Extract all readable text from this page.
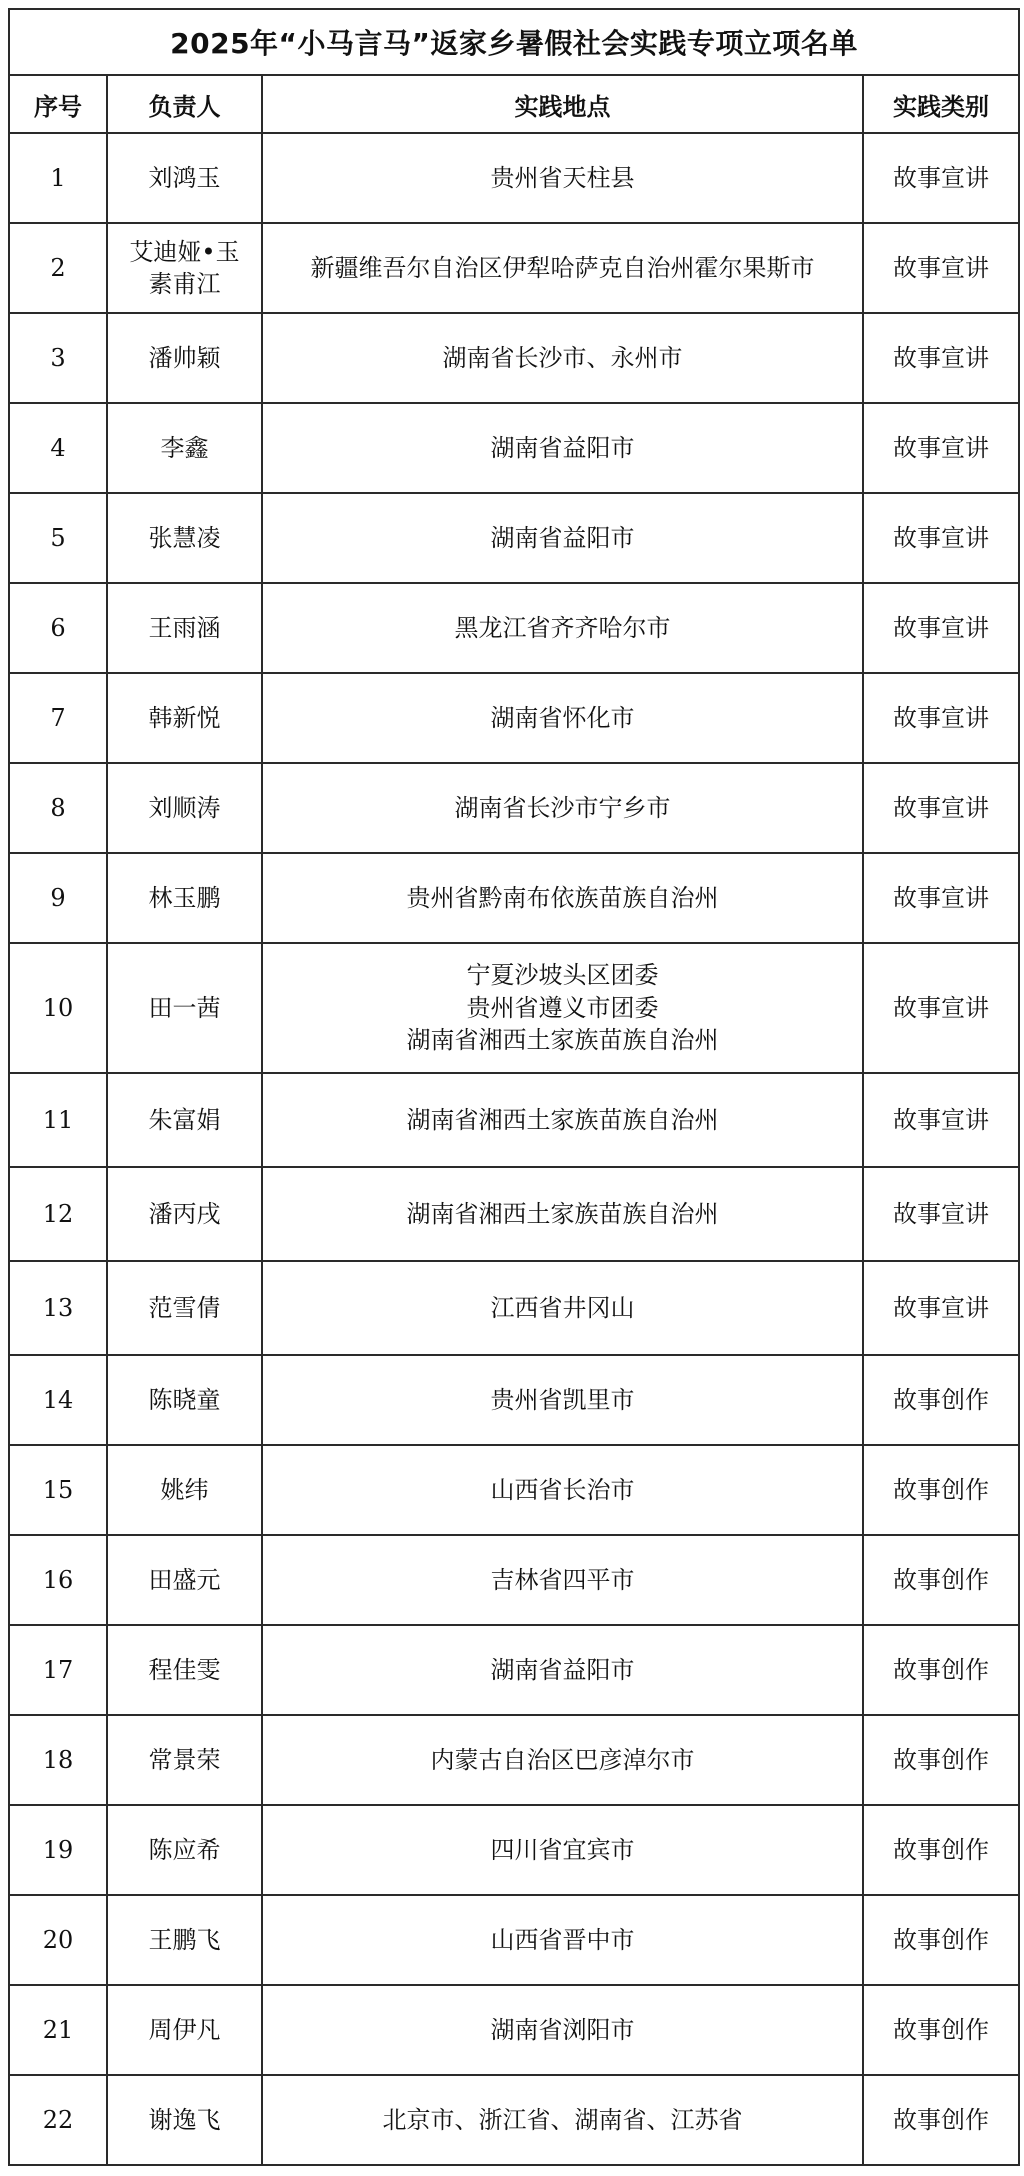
2025年“小马言马”返家乡暑假社会实践专项立项名单			
序号	负责人	实践地点	实践类别

1	刘鸿玉	贵州省天柱县	故事宣讲

2	艾迪娅•玉
素甫江	新疆维吾尔自治区伊犁哈萨克自治州霍尔果斯市	故事宣讲

3	潘帅颖	湖南省长沙市、永州市	故事宣讲

4	李鑫	湖南省益阳市	故事宣讲

5	张慧凌	湖南省益阳市	故事宣讲

6	王雨涵	黑龙江省齐齐哈尔市	故事宣讲

7	韩新悦	湖南省怀化市	故事宣讲

8	刘顺涛	湖南省长沙市宁乡市	故事宣讲

9	林玉鹏	贵州省黔南布依族苗族自治州	故事宣讲

10	田一茜	宁夏沙坡头区团委
贵州省遵义市团委
湖南省湘西土家族苗族自治州	故事宣讲

11	朱富娟	湖南省湘西土家族苗族自治州	故事宣讲

12	潘丙戌	湖南省湘西土家族苗族自治州	故事宣讲

13	范雪倩	江西省井冈山	故事宣讲

14	陈晓童	贵州省凯里市	故事创作

15	姚纬	山西省长治市	故事创作

16	田盛元	吉林省四平市	故事创作

17	程佳雯	湖南省益阳市	故事创作

18	常景荣	内蒙古自治区巴彦淖尔市	故事创作

19	陈应希	四川省宜宾市	故事创作

20	王鹏飞	山西省晋中市	故事创作

21	周伊凡	湖南省浏阳市	故事创作

22	谢逸飞	北京市、浙江省、湖南省、江苏省	故事创作
